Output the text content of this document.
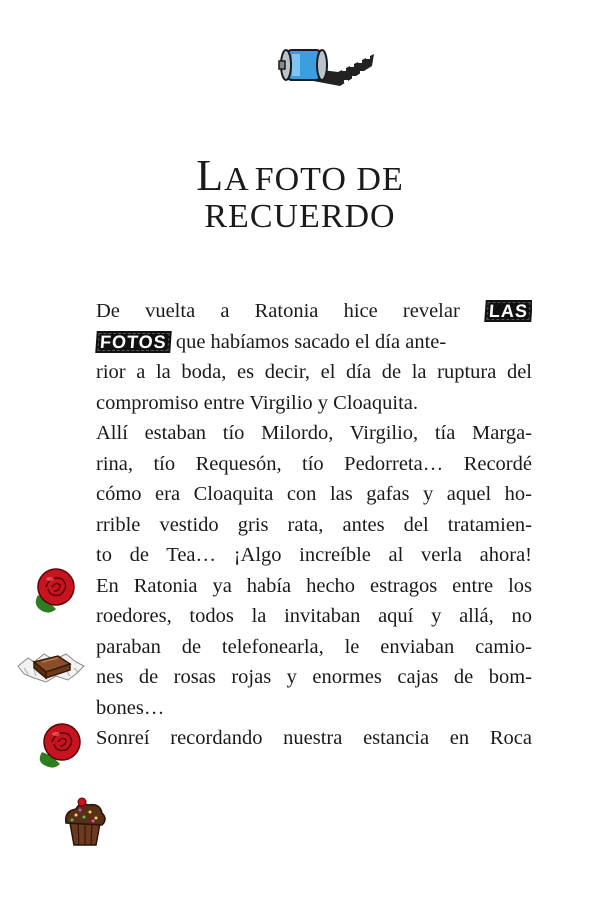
LA FOTO DE
RECUERDO
De vuelta a Ratonia hice revelar LAS
FOTOS que habíamos sacado el día ante-
rior a la boda, es decir, el día de la ruptura del
compromiso entre Virgilio y Cloaquita.
Allí estaban tío Milordo, Virgilio, tía Marga-
rina, tío Requesón, tío Pedorreta… Recordé
cómo era Cloaquita con las gafas y aquel ho-
rrible vestido gris rata, antes del tratamien-
to de Tea… ¡Algo increíble al verla ahora!
En Ratonia ya había hecho estragos entre los
roedores, todos la invitaban aquí y allá, no
paraban de telefonearla, le enviaban camio-
nes de rosas rojas y enormes cajas de bom-
bones…
Sonreí recordando nuestra estancia en Roca
